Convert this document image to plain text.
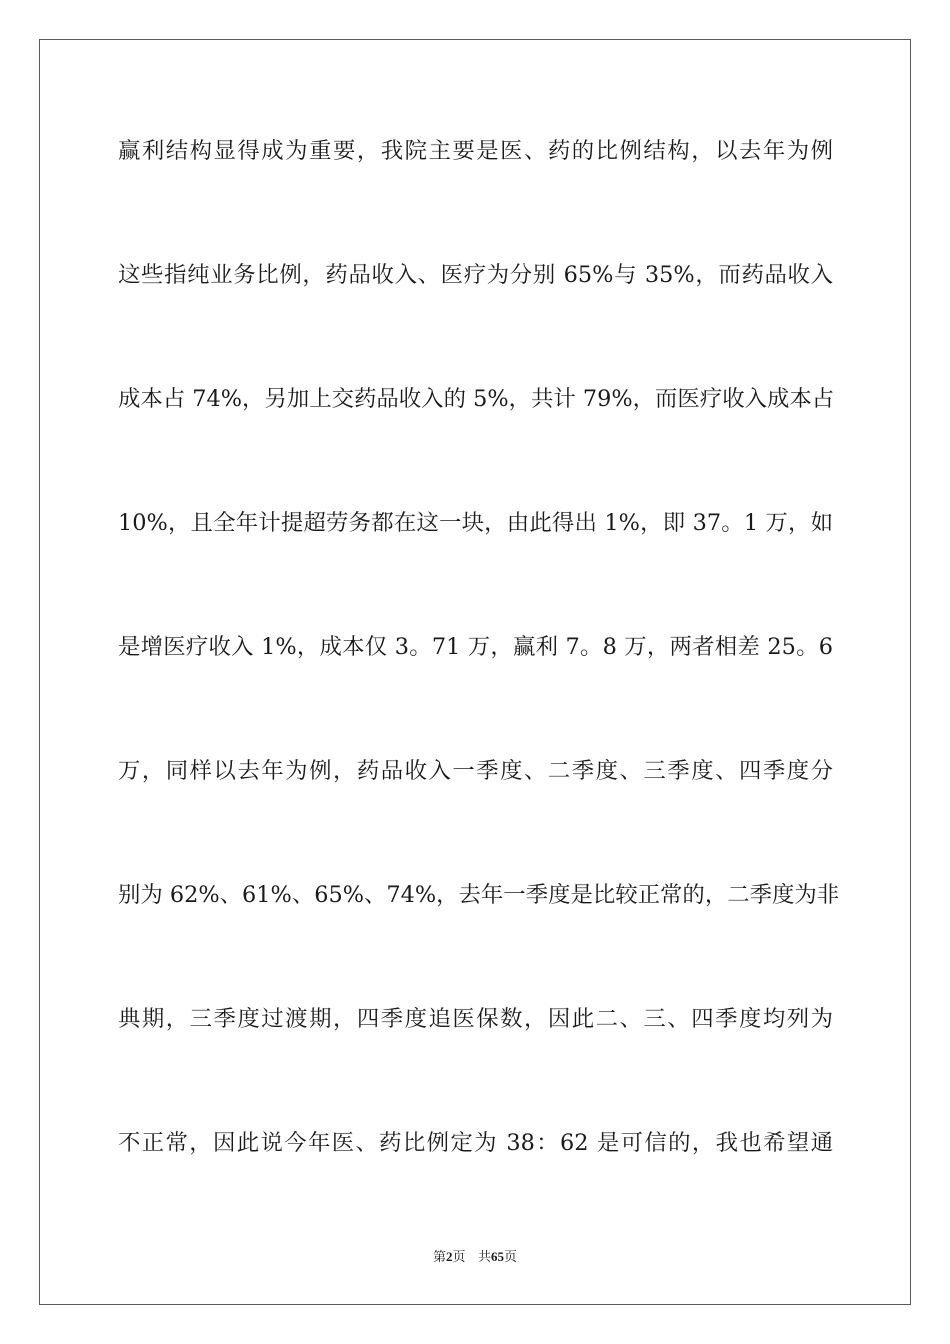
赢利结构显得成为重要，我院主要是医、药的比例结构，以去年为例
这些指纯业务比例，药品收入、医疗为分别 65%与 35%，而药品收入
成本占 74%，另加上交药品收入的 5%，共计 79%，而医疗收入成本占
10%，且全年计提超劳务都在这一块，由此得出 1%，即 37。1 万，如
是增医疗收入 1%，成本仅 3。71 万，赢利 7。8 万，两者相差 25。6
万，同样以去年为例，药品收入一季度、二季度、三季度、四季度分
别为 62%、61%、65%、74%，去年一季度是比较正常的，二季度为非
典期，三季度过渡期，四季度追医保数，因此二、三、四季度均列为
不正常，因此说今年医、药比例定为 38：62 是可信的，我也希望通
第2页 共65页
